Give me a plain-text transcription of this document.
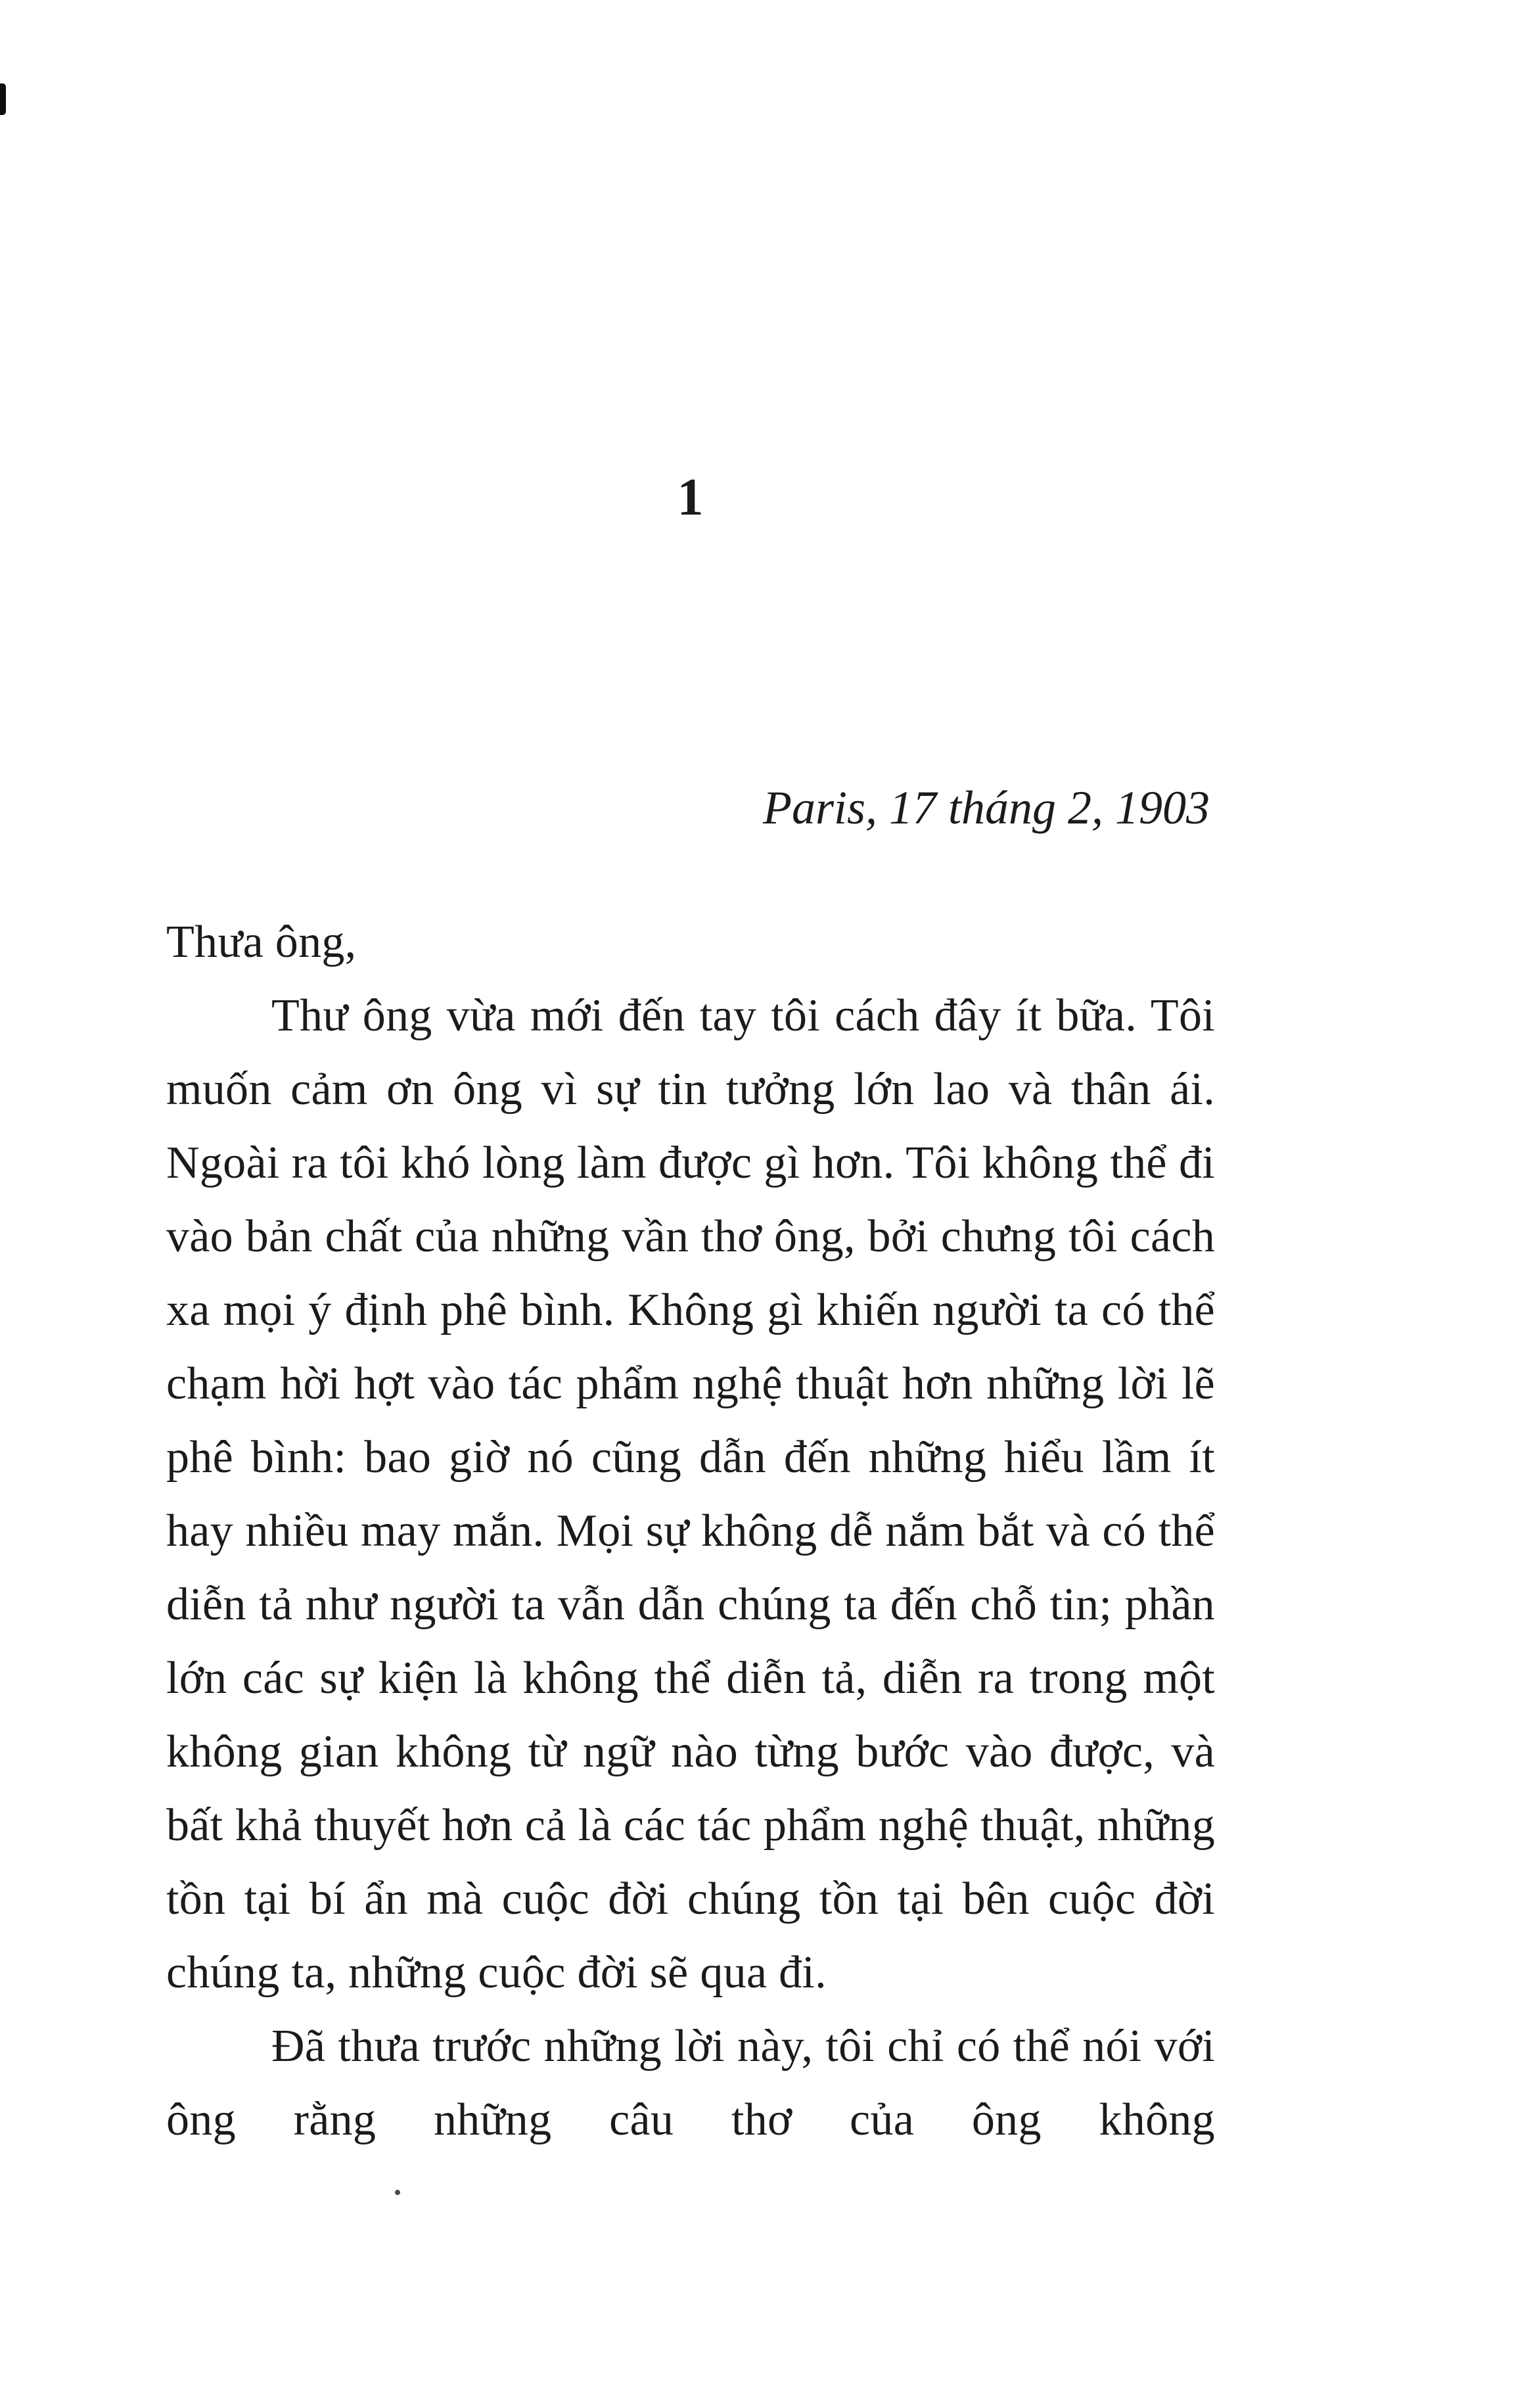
1
Paris, 17 tháng 2, 1903

Thưa ông,

Thư ông vừa mới đến tay tôi cách đây ít bữa. Tôi muốn cảm ơn ông vì sự tin tưởng lớn lao và thân ái. Ngoài ra tôi khó lòng làm được gì hơn. Tôi không thể đi vào bản chất của những vần thơ ông, bởi chưng tôi cách xa mọi ý định phê bình. Không gì khiến người ta có thể chạm hời hợt vào tác phẩm nghệ thuật hơn những lời lẽ phê bình: bao giờ nó cũng dẫn đến những hiểu lầm ít hay nhiều may mắn. Mọi sự không dễ nắm bắt và có thể diễn tả như người ta vẫn dẫn chúng ta đến chỗ tin; phần lớn các sự kiện là không thể diễn tả, diễn ra trong một không gian không từ ngữ nào từng bước vào được, và bất khả thuyết hơn cả là các tác phẩm nghệ thuật, những tồn tại bí ẩn mà cuộc đời chúng tồn tại bên cuộc đời chúng ta, những cuộc đời sẽ qua đi.

Đã thưa trước những lời này, tôi chỉ có thể nói với ông rằng những câu thơ của ông không
